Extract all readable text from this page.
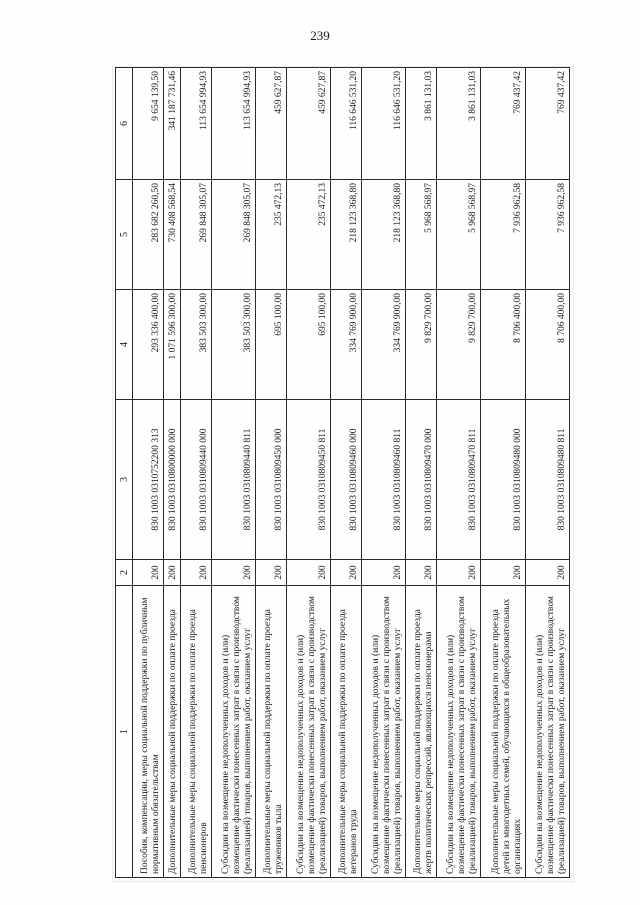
239
1	2	3	4	5	6
Пособия, компенсации, меры социальной поддержки по публичным нормативным обязательствам	200	830 1003 0310752200 313	293 336 400,00	283 682 260,50	9 654 139,50
Дополнительные меры социальной поддержки по оплате проезда	200	830 1003 0310800000 000	1 071 596 300,00	730 408 568,54	341 187 731,46
Дополнительные меры социальной поддержки по оплате проезда пенсионеров	200	830 1003 0310809440 000	383 503 300,00	269 848 305,07	113 654 994,93
Субсидии на возмещение недополученных доходов и (или) возмещение фактически понесенных затрат в связи с производством (реализацией) товаров, выполнением работ, оказанием услуг	200	830 1003 0310809440 811	383 503 300,00	269 848 305,07	113 654 994,93
Дополнительные меры социальной поддержки по оплате проезда тружеников тыла	200	830 1003 0310809450 000	695 100,00	235 472,13	459 627,87
Субсидии на возмещение недополученных доходов и (или) возмещение фактически понесенных затрат в связи с производством (реализацией) товаров, выполнением работ, оказанием услуг	200	830 1003 0310809450 811	695 100,00	235 472,13	459 627,87
Дополнительные меры социальной поддержки по оплате проезда ветеранов труда	200	830 1003 0310809460 000	334 769 900,00	218 123 368,80	116 646 531,20
Субсидии на возмещение недополученных доходов и (или) возмещение фактически понесенных затрат в связи с производством (реализацией) товаров, выполнением работ, оказанием услуг	200	830 1003 0310809460 811	334 769 900,00	218 123 368,80	116 646 531,20
Дополнительные меры социальной поддержки по оплате проезда жертв политических репрессий, являющихся пенсионерами	200	830 1003 0310809470 000	9 829 700,00	5 968 568,97	3 861 131,03
Субсидии на возмещение недополученных доходов и (или) возмещение фактически понесенных затрат в связи с производством (реализацией) товаров, выполнением работ, оказанием услуг	200	830 1003 0310809470 811	9 829 700,00	5 968 568,97	3 861 131,03
Дополнительные меры социальной поддержки по оплате проезда детей из многодетных семей, обучающихся в общеобразовательных организациях	200	830 1003 0310809480 000	8 706 400,00	7 936 962,58	769 437,42
Субсидии на возмещение недополученных доходов и (или) возмещение фактически понесенных затрат в связи с производством (реализацией) товаров, выполнением работ, оказанием услуг	200	830 1003 0310809480 811	8 706 400,00	7 936 962,58	769 437,42
